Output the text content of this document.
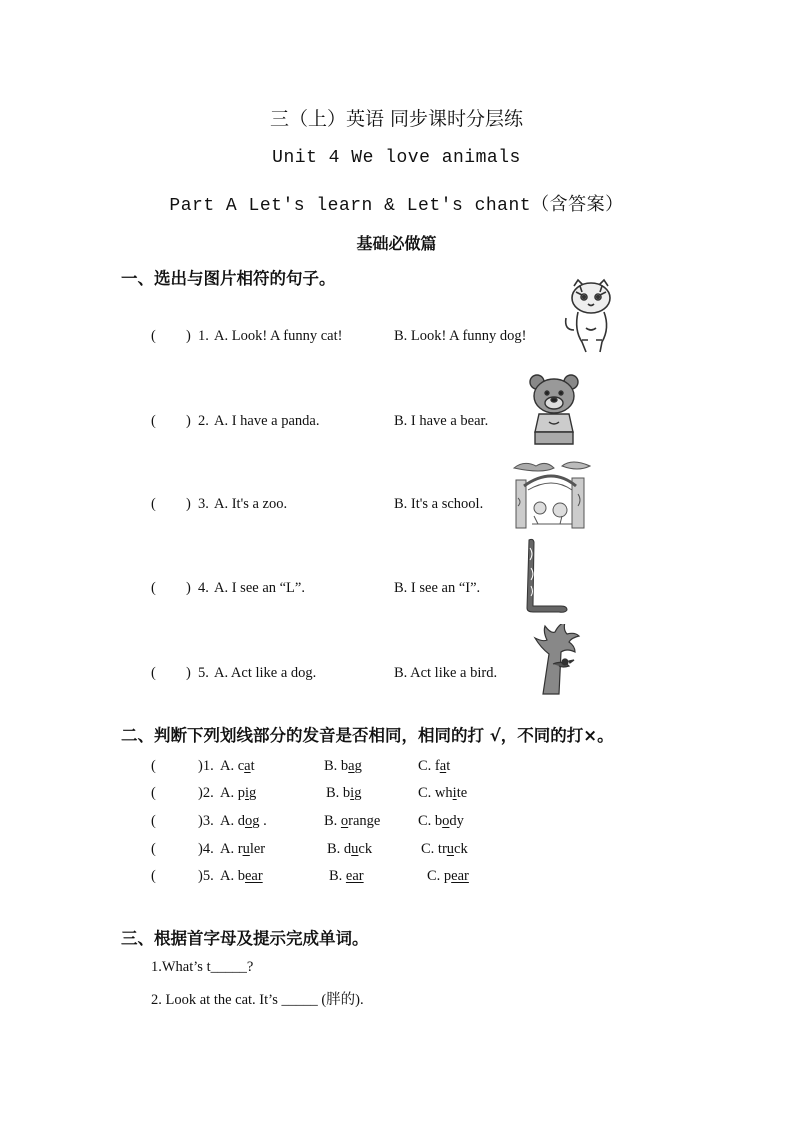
三（上）英语 同步课时分层练
Unit 4 We love animals
Part A Let's learn & Let's chant（含答案）
基础必做篇
一、选出与图片相符的句子。
( ) 1. A. Look! A funny cat!	B. Look! A funny dog!
( ) 2. A. I have a panda.	B. I have a bear.
( ) 3. A. It's a zoo.	B. It's a school.
( ) 4. A. I see an “L”.	B. I see an “I”.
( ) 5. A. Act like a dog.	B. Act like a bird.
二、判断下列划线部分的发音是否相同，相同的打 √，不同的打×。
(	)1. A. cat	B. bag	C. fat
(	)2. A. pig	B. big	C. white
(	)3. A. dog .	B. orange	C. body
(	)4. A. ruler	B. duck	C. truck
(	)5. A. bear	B. ear	C. pear
三、根据首字母及提示完成单词。
1.What’s t_____?
2. Look at the cat. It’s _____ (胖的).
